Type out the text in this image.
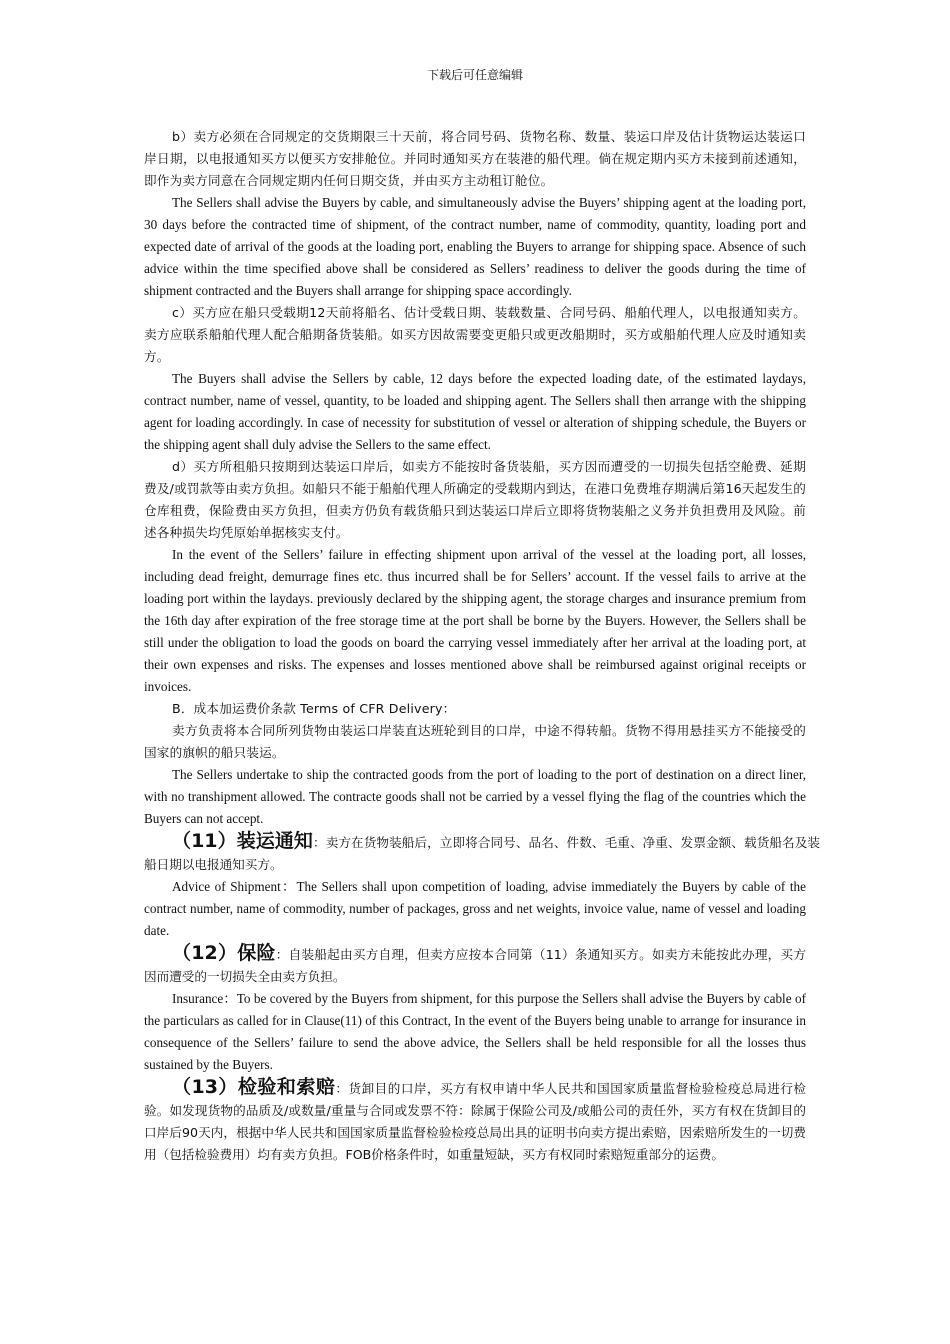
下载后可任意编辑

b）卖方必须在合同规定的交货期限三十天前，将合同号码、货物名称、数量、装运口岸及估计货物运达装运口岸日期，以电报通知买方以便买方安排舱位。并同时通知买方在装港的船代理。倘在规定期内买方未接到前述通知，即作为卖方同意在合同规定期内任何日期交货，并由买方主动租订舱位。

The Sellers shall advise the Buyers by cable, and simultaneously advise the Buyers’ shipping agent at the loading port, 30 days before the contracted time of shipment, of the contract number, name of commodity, quantity, loading port and expected date of arrival of the goods at the loading port, enabling the Buyers to arrange for shipping space. Absence of such advice within the time specified above shall be considered as Sellers’ readiness to deliver the goods during the time of shipment contracted and the Buyers shall arrange for shipping space accordingly.

c）买方应在船只受载期12天前将船名、估计受载日期、装载数量、合同号码、船舶代理人，以电报通知卖方。卖方应联系船舶代理人配合船期备货装船。如买方因故需要变更船只或更改船期时，买方或船舶代理人应及时通知卖方。

The Buyers shall advise the Sellers by cable, 12 days before the expected loading date, of the estimated laydays, contract number, name of vessel, quantity, to be loaded and shipping agent. The Sellers shall then arrange with the shipping agent for loading accordingly. In case of necessity for substitution of vessel or alteration of shipping schedule, the Buyers or the shipping agent shall duly advise the Sellers to the same effect.

d）买方所租船只按期到达装运口岸后，如卖方不能按时备货装船，买方因而遭受的一切损失包括空舱费、延期费及/或罚款等由卖方负担。如船只不能于船舶代理人所确定的受载期内到达，在港口免费堆存期满后第16天起发生的仓库租费，保险费由买方负担，但卖方仍负有载货船只到达装运口岸后立即将货物装船之义务并负担费用及风险。前述各种损失均凭原始单据核实支付。

In the event of the Sellers’ failure in effecting shipment upon arrival of the vessel at the loading port, all losses, including dead freight, demurrage fines etc. thus incurred shall be for Sellers’ account. If the vessel fails to arrive at the loading port within the laydays. previously declared by the shipping agent, the storage charges and insurance premium from the 16th day after expiration of the free storage time at the port shall be borne by the Buyers. However, the Sellers shall be still under the obligation to load the goods on board the carrying vessel immediately after her arrival at the loading port, at their own expenses and risks. The expenses and losses mentioned above shall be reimbursed against original receipts or invoices.

B．成本加运费价条款 Terms of CFR Delivery：

卖方负责将本合同所列货物由装运口岸装直达班轮到目的口岸，中途不得转船。货物不得用悬挂买方不能接受的国家的旗帜的船只装运。

The Sellers undertake to ship the contracted goods from the port of loading to the port of destination on a direct liner, with no transhipment allowed. The contracte goods shall not be carried by a vessel flying the flag of the countries which the Buyers can not accept.

（11）装运通知：卖方在货物装船后，立即将合同号、品名、件数、毛重、净重、发票金额、载货船名及装船日期以电报通知买方。

Advice of Shipment：The Sellers shall upon competition of loading, advise immediately the Buyers by cable of the contract number, name of commodity, number of packages, gross and net weights, invoice value, name of vessel and loading date.

（12）保险：自装船起由买方自理，但卖方应按本合同第（11）条通知买方。如卖方未能按此办理，买方因而遭受的一切损失全由卖方负担。

Insurance：To be covered by the Buyers from shipment, for this purpose the Sellers shall advise the Buyers by cable of the particulars as called for in Clause(11) of this Contract, In the event of the Buyers being unable to arrange for insurance in consequence of the Sellers’ failure to send the above advice, the Sellers shall be held responsible for all the losses thus sustained by the Buyers.

（13）检验和索赔：货卸目的口岸，买方有权申请中华人民共和国国家质量监督检验检疫总局进行检验。如发现货物的品质及/或数量/重量与合同或发票不符：除属于保险公司及/或船公司的责任外，买方有权在货卸目的口岸后90天内，根据中华人民共和国国家质量监督检验检疫总局出具的证明书向卖方提出索赔，因索赔所发生的一切费用（包括检验费用）均有卖方负担。FOB价格条件时，如重量短缺，买方有权同时索赔短重部分的运费。
